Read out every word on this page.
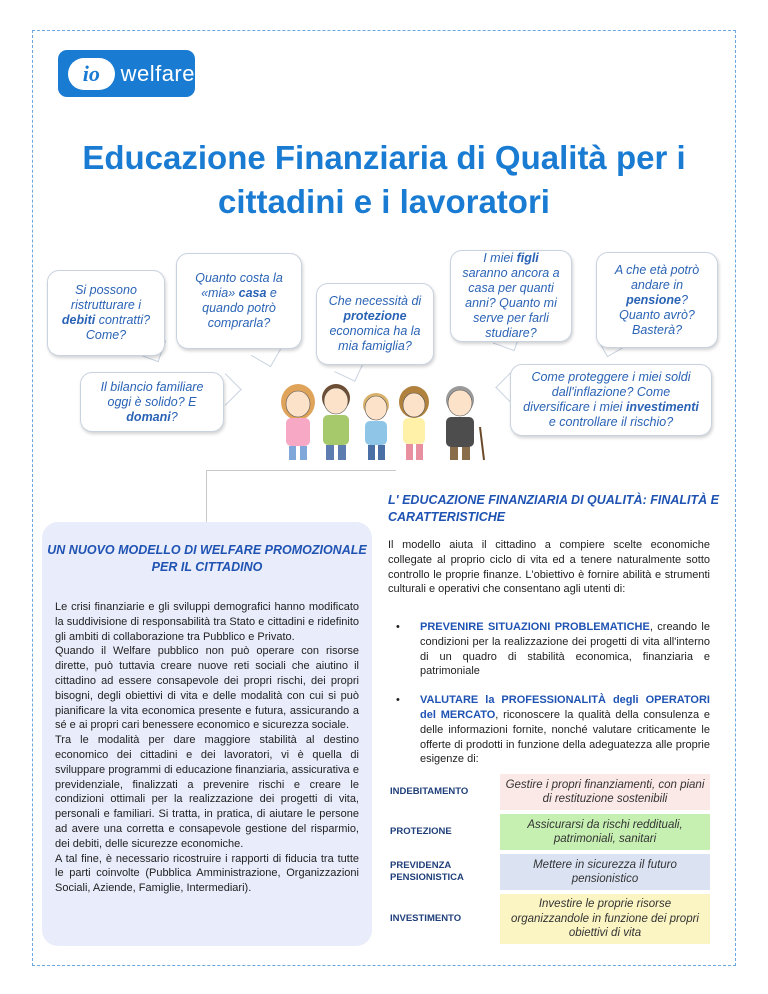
io welfare
Educazione Finanziaria di Qualità per i cittadini e i lavoratori
Si possono ristrutturare i debiti contratti? Come?
Quanto costa la «mia» casa e quando potrò comprarla?
Che necessità di protezione economica ha la mia famiglia?
I miei figli saranno ancora a casa per quanti anni? Quanto mi serve per farli studiare?
A che età potrò andare in pensione? Quanto avrò? Basterà?
Il bilancio familiare oggi è solido? E domani?
Come proteggere i miei soldi dall'inflazione? Come diversificare i miei investimenti e controllare il rischio?
UN NUOVO MODELLO DI WELFARE PROMOZIONALE PER IL CITTADINO

Le crisi finanziarie e gli sviluppi demografici hanno modificato la suddivisione di responsabilità tra Stato e cittadini e ridefinito gli ambiti di collaborazione tra Pubblico e Privato.
Quando il Welfare pubblico non può operare con risorse dirette, può tuttavia creare nuove reti sociali che aiutino il cittadino ad essere consapevole dei propri rischi, dei propri bisogni, degli obiettivi di vita e delle modalità con cui si può pianificare la vita economica presente e futura, assicurando a sé e ai propri cari benessere economico e sicurezza sociale.
Tra le modalità per dare maggiore stabilità al destino economico dei cittadini e dei lavoratori, vi è quella di sviluppare programmi di educazione finanziaria, assicurativa e previdenziale, finalizzati a prevenire rischi e creare le condizioni ottimali per la realizzazione dei progetti di vita, personali e familiari. Si tratta, in pratica, di aiutare le persone ad avere una corretta e consapevole gestione del risparmio, dei debiti, delle sicurezze economiche.
A tal fine, è necessario ricostruire i rapporti di fiducia tra tutte le parti coinvolte (Pubblica Amministrazione, Organizzazioni Sociali, Aziende, Famiglie, Intermediari).

L' EDUCAZIONE FINANZIARIA DI QUALITÀ: FINALITÀ E CARATTERISTICHE

Il modello aiuta il cittadino a compiere scelte economiche collegate al proprio ciclo di vita ed a tenere naturalmente sotto controllo le proprie finanze. L'obiettivo è fornire abilità e strumenti culturali e operativi che consentano agli utenti di:

• PREVENIRE SITUAZIONI PROBLEMATICHE, creando le condizioni per la realizzazione dei progetti di vita all'interno di un quadro di stabilità economica, finanziaria e patrimoniale
• VALUTARE la PROFESSIONALITÀ degli OPERATORI del MERCATO, riconoscere la qualità della consulenza e delle informazioni fornite, nonché valutare criticamente le offerte di prodotti in funzione della adeguatezza alle proprie esigenze di:
INDEBITAMENTO
Gestire i propri finanziamenti, con piani di restituzione sostenibili
PROTEZIONE
Assicurarsi da rischi reddituali, patrimoniali, sanitari
PREVIDENZA PENSIONISTICA
Mettere in sicurezza il futuro pensionistico
INVESTIMENTO
Investire le proprie risorse organizzandole in funzione dei propri obiettivi di vita
